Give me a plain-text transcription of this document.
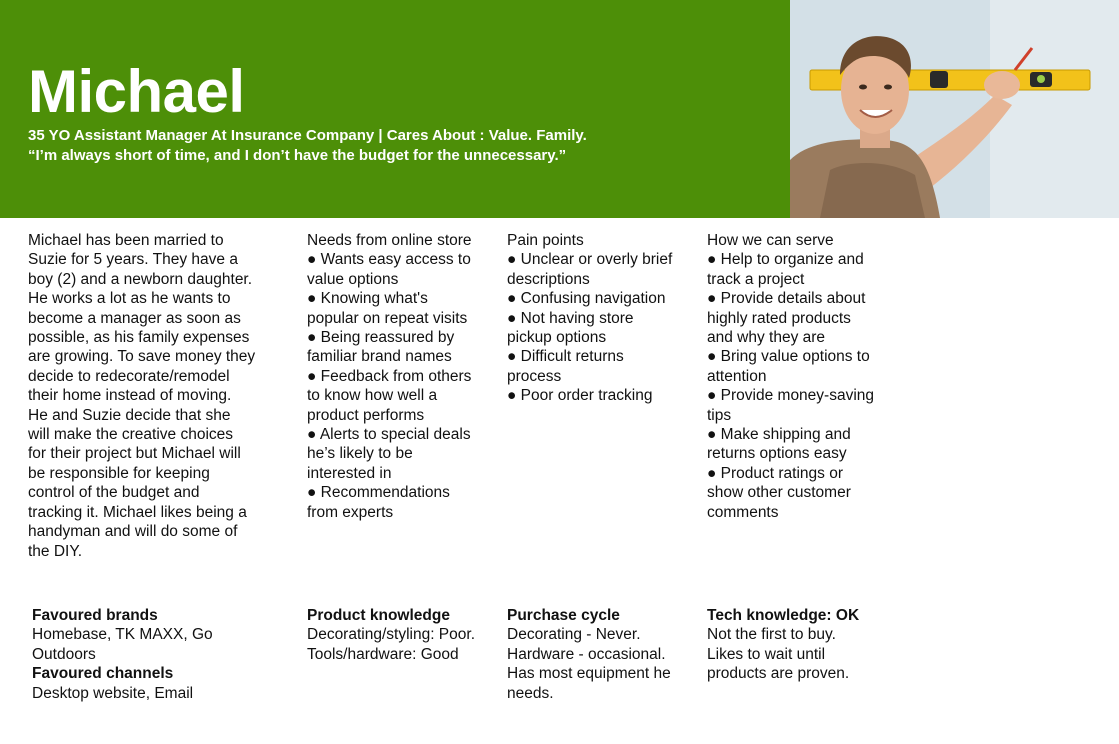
Michael
35 YO Assistant Manager At Insurance Company | Cares About : Value. Family.
“I’m always short of time, and I don’t have the budget for the unnecessary.”
Michael has been married to
Suzie for 5 years. They have a
boy (2) and a newborn daughter.
He works a lot as he wants to
become a manager as soon as
possible, as his family expenses
are growing. To save money they
decide to redecorate/remodel
their home instead of moving.
He and Suzie decide that she
will make the creative choices
for their project but Michael will
be responsible for keeping
control of the budget and
tracking it. Michael likes being a
handyman and will do some of
the DIY.
Needs from online store
● Wants easy access to
value options
● Knowing what's
popular on repeat visits
● Being reassured by
familiar brand names
● Feedback from others
to know how well a
product performs
● Alerts to special deals
he’s likely to be
interested in
● Recommendations
from experts
Pain points
● Unclear or overly brief
descriptions
● Confusing navigation
● Not having store
pickup options
● Difficult returns
process
● Poor order tracking
How we can serve
● Help to organize and
track a project
● Provide details about
highly rated products
and why they are
● Bring value options to
attention
● Provide money-saving
tips
● Make shipping and
returns options easy
● Product ratings or
show other customer
comments
Favoured brands
Homebase, TK MAXX, Go
Outdoors
Favoured channels
Desktop website, Email
Product knowledge
Decorating/styling: Poor.
Tools/hardware: Good
Purchase cycle
Decorating - Never.
Hardware - occasional.
Has most equipment he
needs.
Tech knowledge: OK
Not the first to buy.
Likes to wait until
products are proven.
